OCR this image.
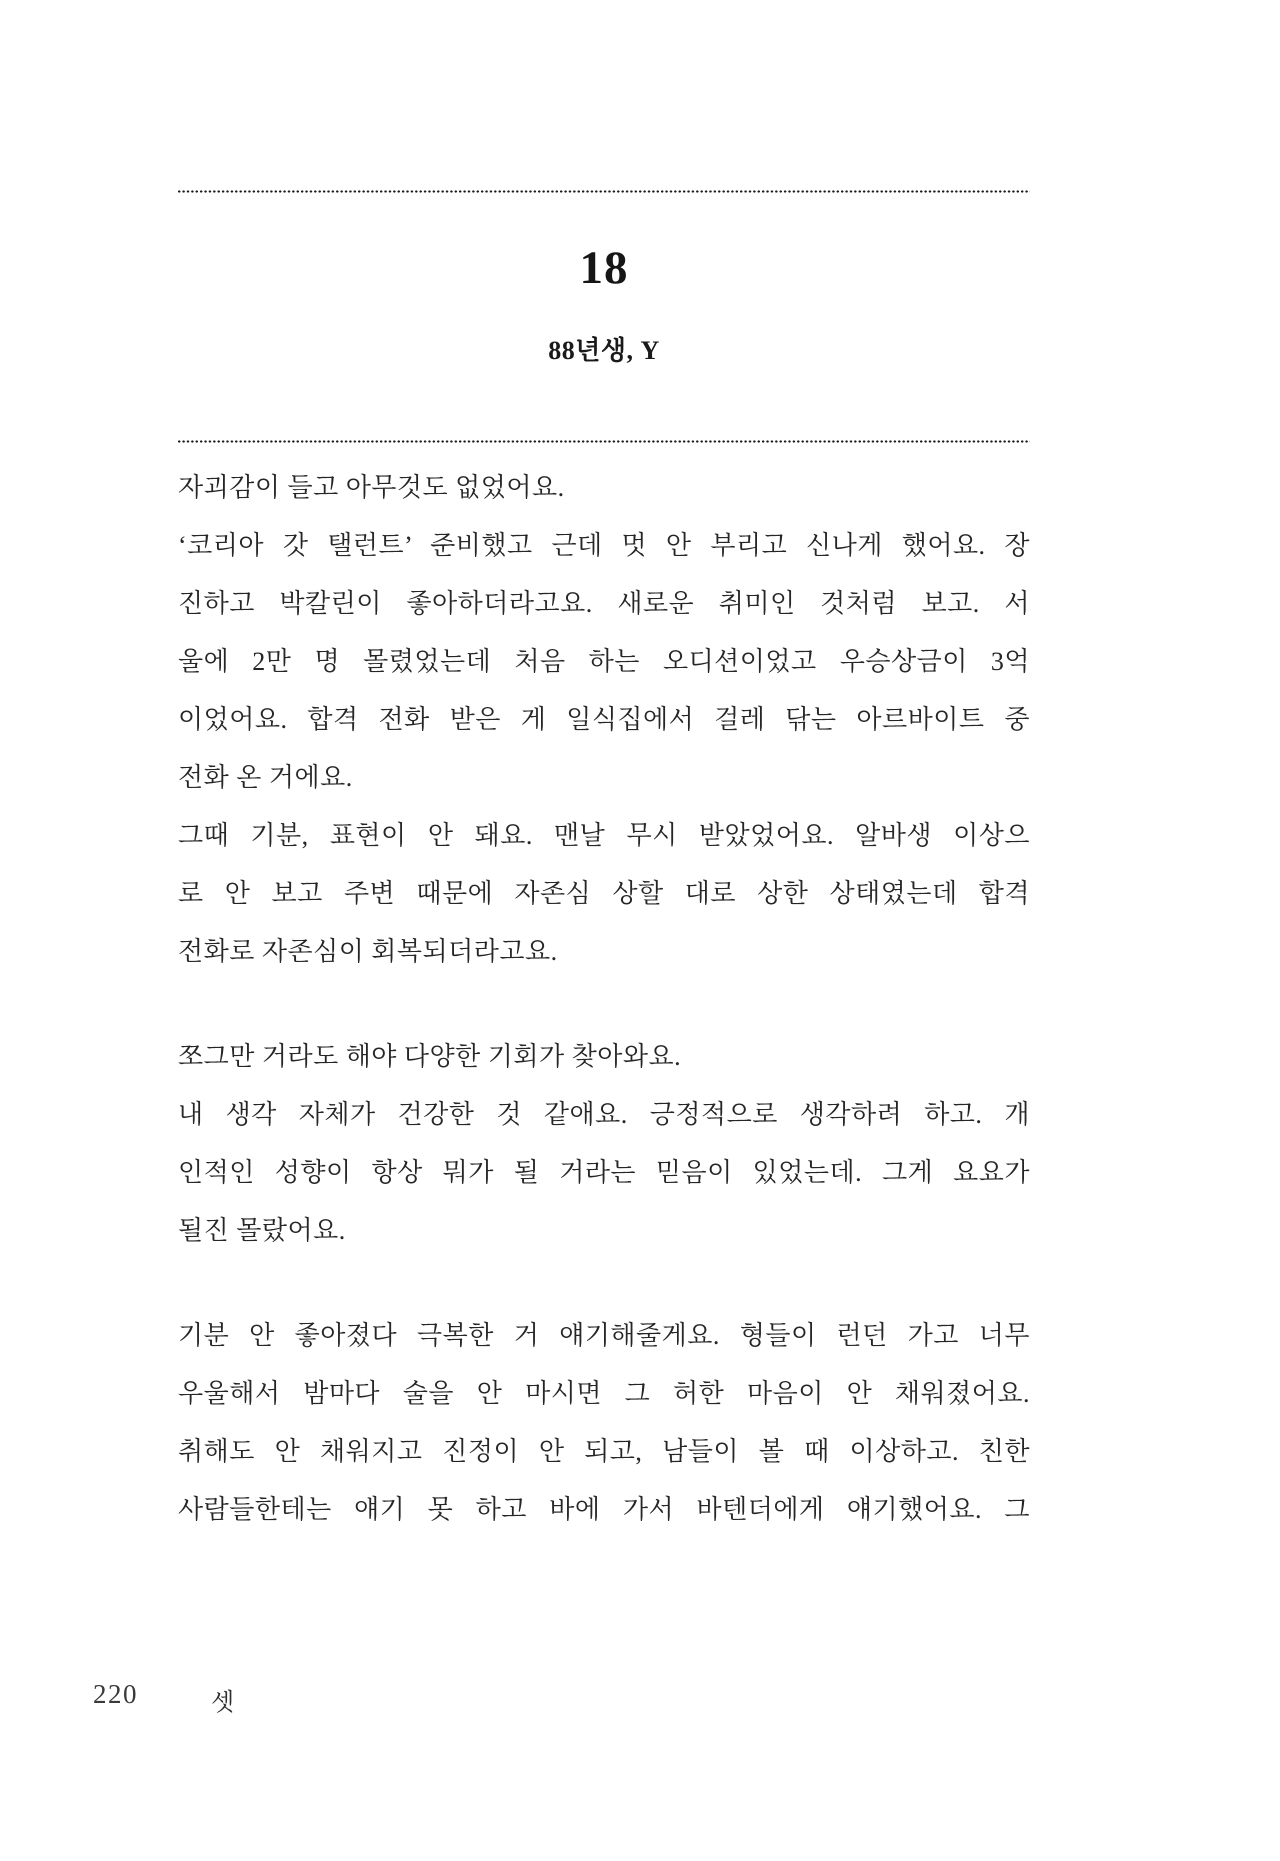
18
88년생, Y
자괴감이 들고 아무것도 없었어요.
‘코리아 갓 탤런트’ 준비했고 근데 멋 안 부리고 신나게 했어요. 장
진하고 박칼린이 좋아하더라고요. 새로운 취미인 것처럼 보고. 서
울에 2만 명 몰렸었는데 처음 하는 오디션이었고 우승상금이 3억
이었어요. 합격 전화 받은 게 일식집에서 걸레 닦는 아르바이트 중
전화 온 거에요.
그때 기분, 표현이 안 돼요. 맨날 무시 받았었어요. 알바생 이상으
로 안 보고 주변 때문에 자존심 상할 대로 상한 상태였는데 합격
전화로 자존심이 회복되더라고요.
쪼그만 거라도 해야 다양한 기회가 찾아와요.
내 생각 자체가 건강한 것 같애요. 긍정적으로 생각하려 하고. 개
인적인 성향이 항상 뭐가 될 거라는 믿음이 있었는데. 그게 요요가
될진 몰랐어요.
기분 안 좋아졌다 극복한 거 얘기해줄게요. 형들이 런던 가고 너무
우울해서 밤마다 술을 안 마시면 그 허한 마음이 안 채워졌어요.
취해도 안 채워지고 진정이 안 되고, 남들이 볼 때 이상하고. 친한
사람들한테는 얘기 못 하고 바에 가서 바텐더에게 얘기했어요. 그
220	셋
